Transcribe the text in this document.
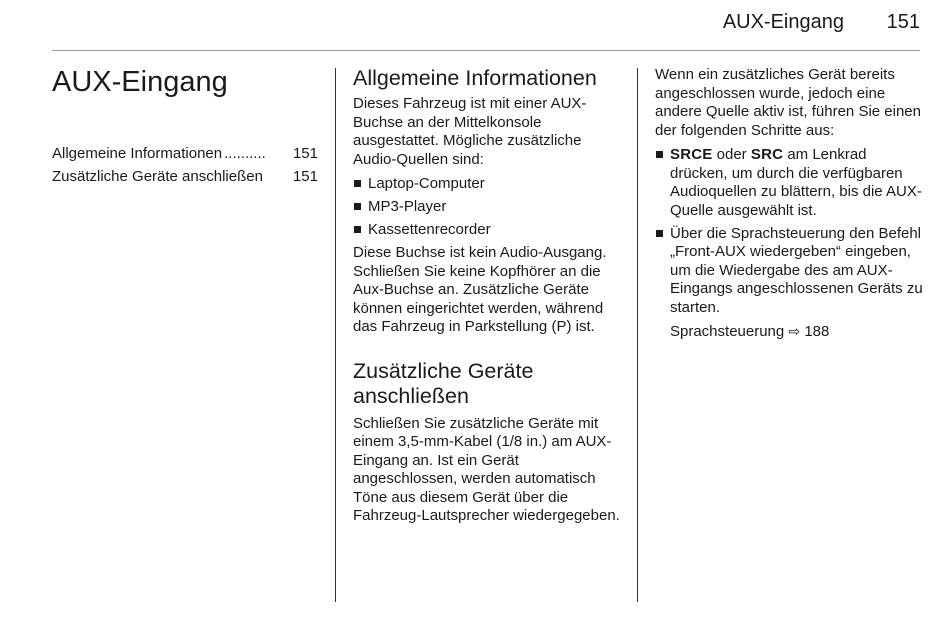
AUX-Eingang 151
AUX-Eingang
Allgemeine Informationen ..........	151
Zusätzliche Geräte anschließen 151
Allgemeine Informationen

Dieses Fahrzeug ist mit einer AUX-Buchse an der Mittelkonsole ausgestattet. Mögliche zusätzliche Audio-Quellen sind:

Laptop-Computer
MP3-Player
Kassettenrecorder

Diese Buchse ist kein Audio-Ausgang. Schließen Sie keine Kopfhörer an die Aux-Buchse an. Zusätzliche Geräte können eingerichtet werden, während das Fahrzeug in Parkstellung (P) ist.

Zusätzliche Geräte anschließen

Schließen Sie zusätzliche Geräte mit einem 3,5-mm-Kabel (1/8 in.) am AUX-Eingang an. Ist ein Gerät angeschlossen, werden automatisch Töne aus diesem Gerät über die Fahrzeug-Lautsprecher wiedergegeben.

Wenn ein zusätzliches Gerät bereits angeschlossen wurde, jedoch eine andere Quelle aktiv ist, führen Sie einen der folgenden Schritte aus:

SRCE oder SRC am Lenkrad drücken, um durch die verfügbaren Audioquellen zu blättern, bis die AUX-Quelle ausgewählt ist.
Über die Sprachsteuerung den Befehl „Front-AUX wiedergeben“ eingeben, um die Wiedergabe des am AUX-Eingangs angeschlossenen Geräts zu starten.

Sprachsteuerung ⇨ 188
